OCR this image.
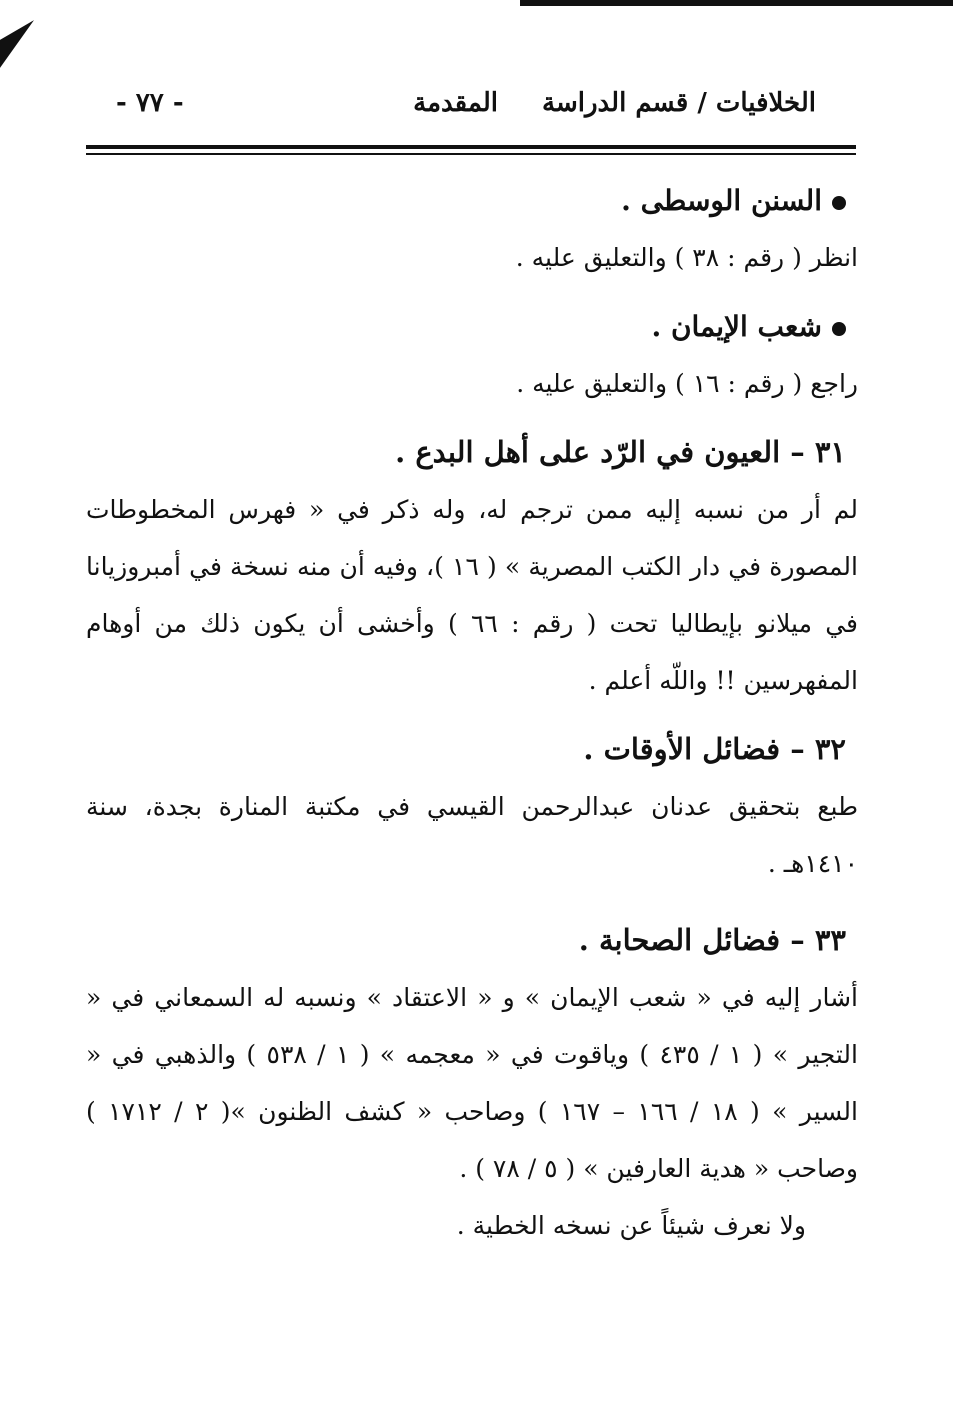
الخلافيات / قسم الدراسة
المقدمة
- ٧٧ -

السنن الوسطى .

انظر ( رقم : ٣٨ ) والتعليق عليه .

شعب الإيمان .

راجع ( رقم : ١٦ ) والتعليق عليه .

٣١ – العيون في الرّد على أهل البدع .

لم أر من نسبه إليه ممن ترجم له، وله ذكر في « فهرس المخطوطات المصورة في دار الكتب المصرية » ( ١٦ )، وفيه أن منه نسخة في أمبروزيانا في ميلانو بإيطاليا تحت ( رقم : ٦٦ ) وأخشى أن يكون ذلك من أوهام المفهرسين !! واللّه أعلم .

٣٢ – فضائل الأوقات .

طبع بتحقيق عدنان عبدالرحمن القيسي في مكتبة المنارة بجدة، سنة ١٤١٠هـ .

٣٣ – فضائل الصحابة .

أشار إليه في « شعب الإيمان » و « الاعتقاد » ونسبه له السمعاني في « التجير » ( ١ / ٤٣٥ ) وياقوت في « معجمه » ( ١ / ٥٣٨ ) والذهبي في « السير » ( ١٨ / ١٦٦ – ١٦٧ ) وصاحب « كشف الظنون »( ٢ / ١٧١٢ ) وصاحب « هدية العارفين » ( ٥ / ٧٨ ) .

ولا نعرف شيئاً عن نسخه الخطية .
